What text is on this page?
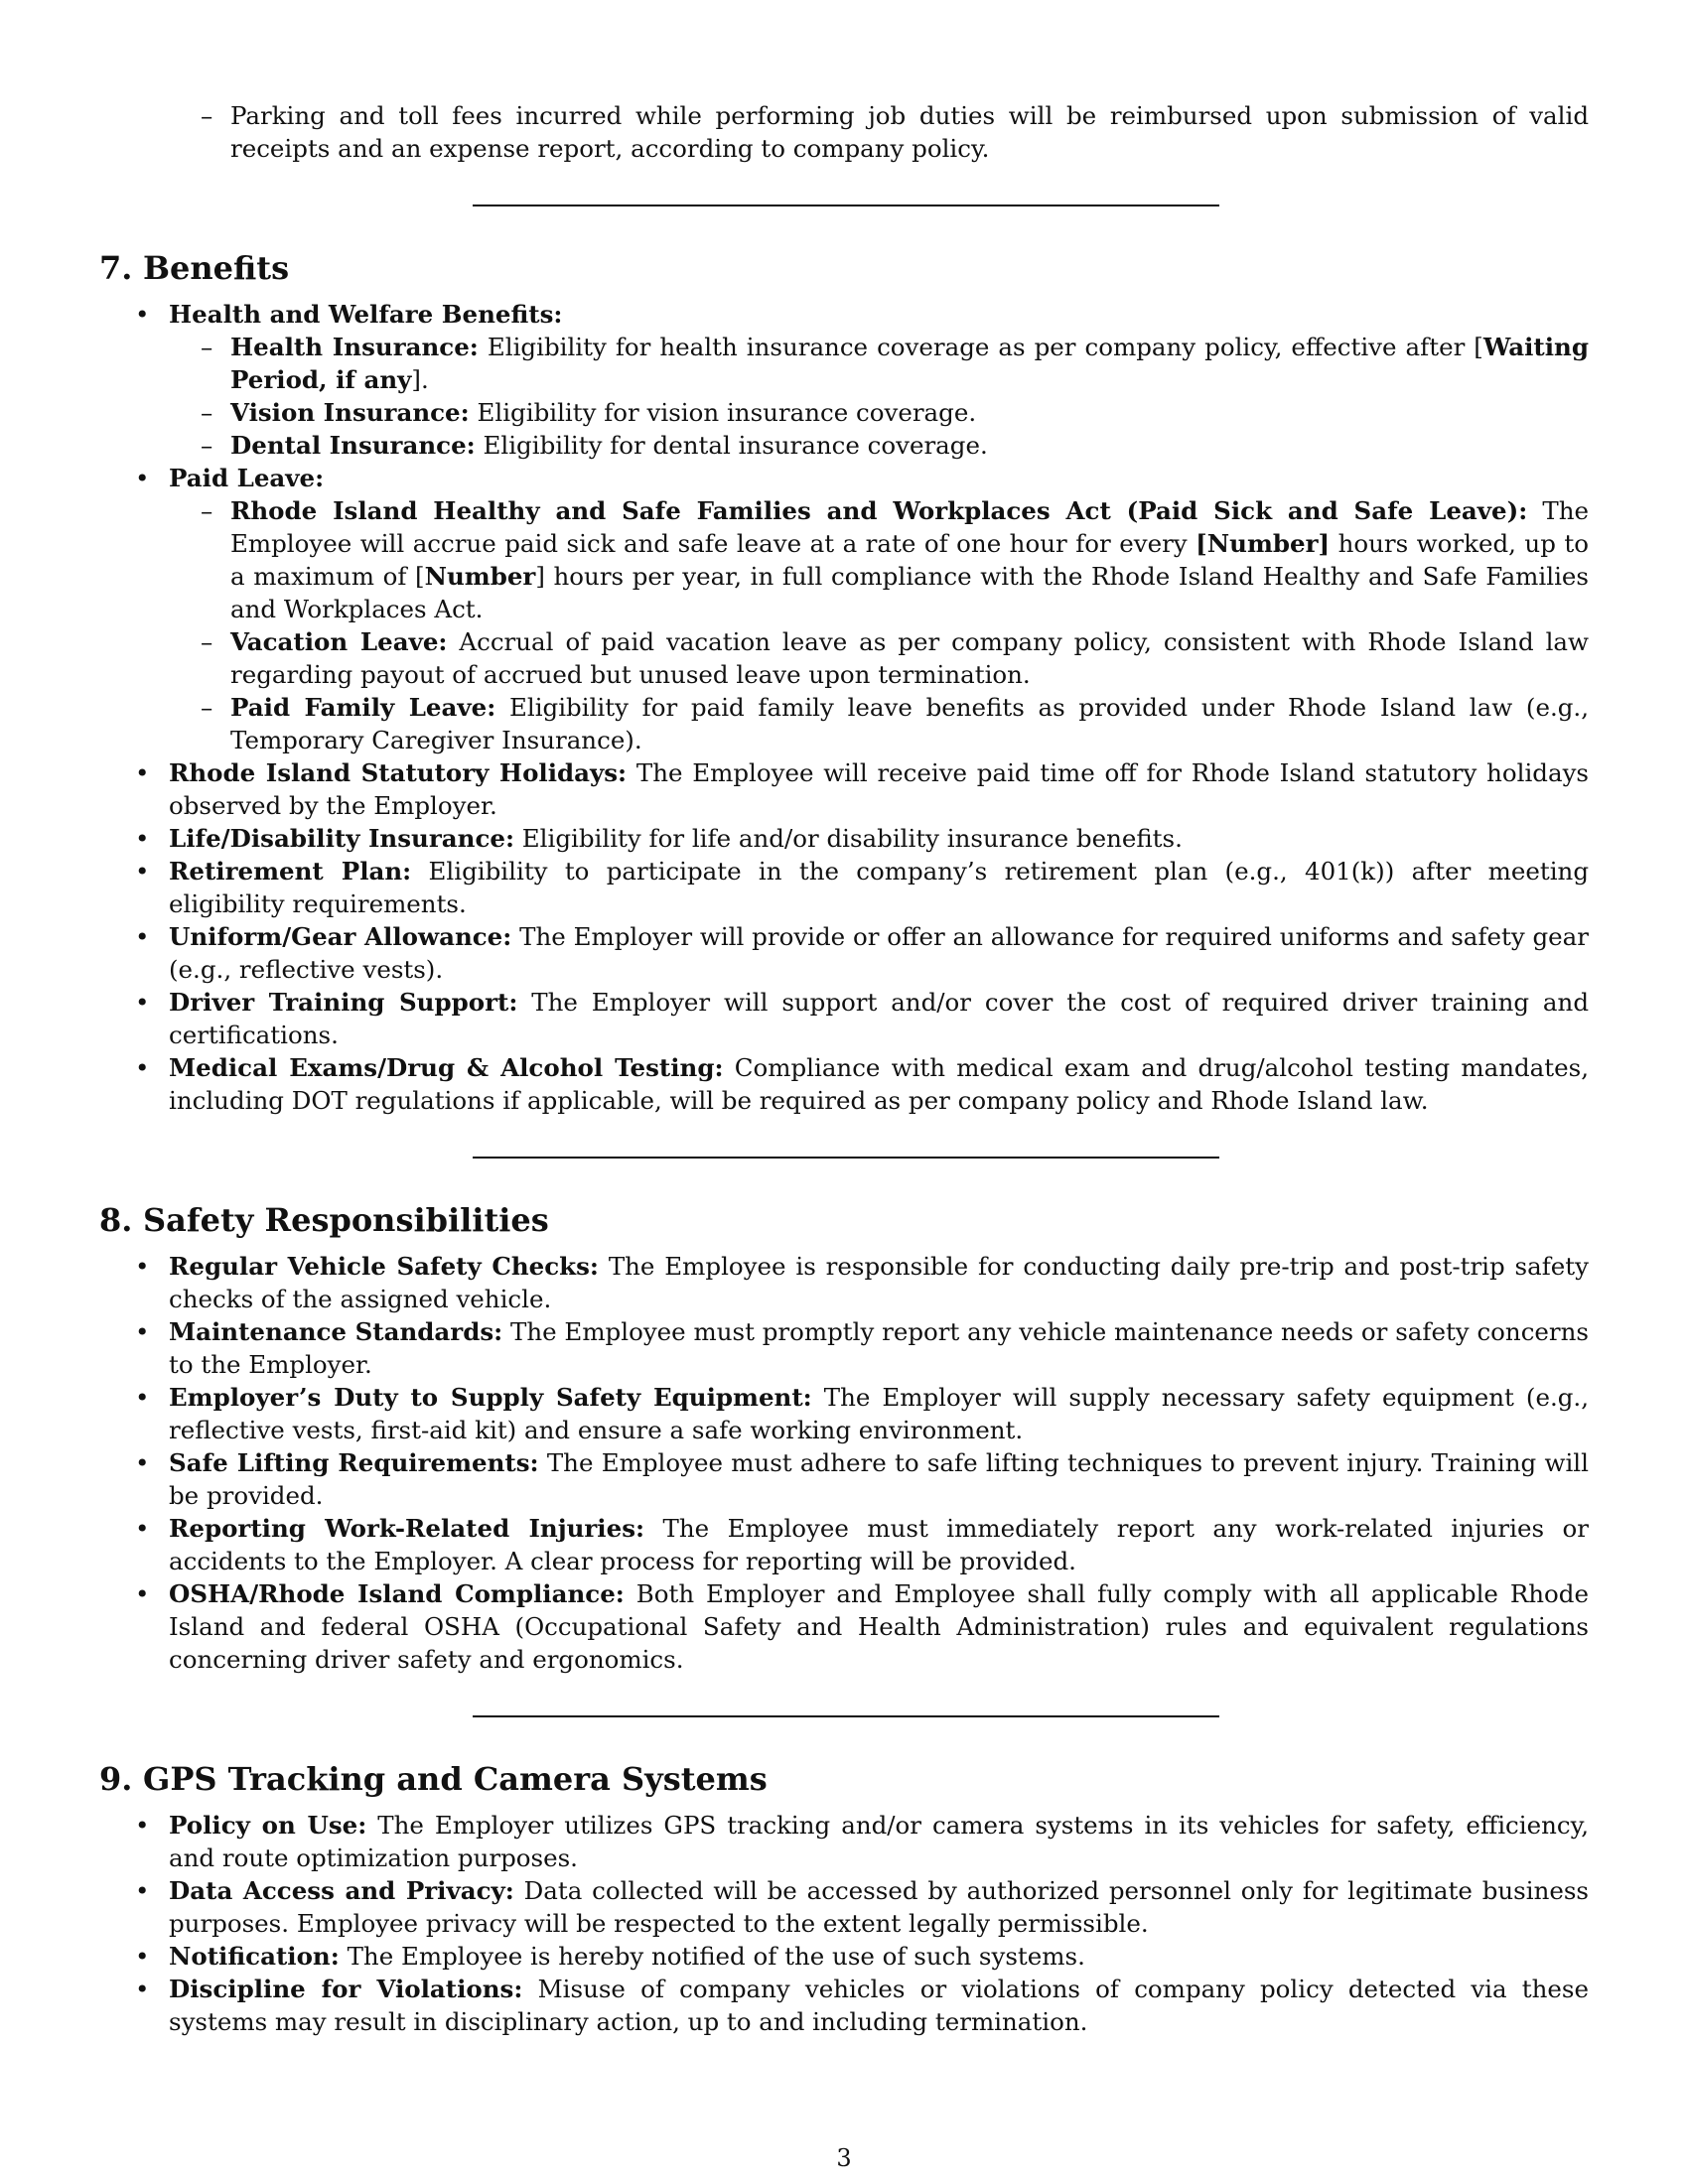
– Parking and toll fees incurred while performing job duties will be reimbursed upon submission of valid receipts and an expense report, according to company policy.
7. Benefits
• Health and Welfare Benefits:
– Health Insurance: Eligibility for health insurance coverage as per company policy, effective after [Waiting Period, if any].
– Vision Insurance: Eligibility for vision insurance coverage.
– Dental Insurance: Eligibility for dental insurance coverage.
• Paid Leave:
– Rhode Island Healthy and Safe Families and Workplaces Act (Paid Sick and Safe Leave): The Employee will accrue paid sick and safe leave at a rate of one hour for every [Number] hours worked, up to a maximum of [Number] hours per year, in full compliance with the Rhode Island Healthy and Safe Families and Workplaces Act.
– Vacation Leave: Accrual of paid vacation leave as per company policy, consistent with Rhode Island law regarding payout of accrued but unused leave upon termination.
– Paid Family Leave: Eligibility for paid family leave benefits as provided under Rhode Island law (e.g., Temporary Caregiver Insurance).
• Rhode Island Statutory Holidays: The Employee will receive paid time off for Rhode Island statutory holidays observed by the Employer.
• Life/Disability Insurance: Eligibility for life and/or disability insurance benefits.
• Retirement Plan: Eligibility to participate in the company’s retirement plan (e.g., 401(k)) after meeting eligibility requirements.
• Uniform/Gear Allowance: The Employer will provide or offer an allowance for required uniforms and safety gear (e.g., reflective vests).
• Driver Training Support: The Employer will support and/or cover the cost of required driver training and certifications.
• Medical Exams/Drug & Alcohol Testing: Compliance with medical exam and drug/alcohol testing mandates, including DOT regulations if applicable, will be required as per company policy and Rhode Island law.
8. Safety Responsibilities
• Regular Vehicle Safety Checks: The Employee is responsible for conducting daily pre-trip and post-trip safety checks of the assigned vehicle.
• Maintenance Standards: The Employee must promptly report any vehicle maintenance needs or safety concerns to the Employer.
• Employer’s Duty to Supply Safety Equipment: The Employer will supply necessary safety equipment (e.g., reflective vests, first-aid kit) and ensure a safe working environment.
• Safe Lifting Requirements: The Employee must adhere to safe lifting techniques to prevent injury. Training will be provided.
• Reporting Work-Related Injuries: The Employee must immediately report any work-related injuries or accidents to the Employer. A clear process for reporting will be provided.
• OSHA/Rhode Island Compliance: Both Employer and Employee shall fully comply with all applicable Rhode Island and federal OSHA (Occupational Safety and Health Administration) rules and equivalent regulations concerning driver safety and ergonomics.
9. GPS Tracking and Camera Systems
• Policy on Use: The Employer utilizes GPS tracking and/or camera systems in its vehicles for safety, efficiency, and route optimization purposes.
• Data Access and Privacy: Data collected will be accessed by authorized personnel only for legitimate business purposes. Employee privacy will be respected to the extent legally permissible.
• Notification: The Employee is hereby notified of the use of such systems.
• Discipline for Violations: Misuse of company vehicles or violations of company policy detected via these systems may result in disciplinary action, up to and including termination.
3
